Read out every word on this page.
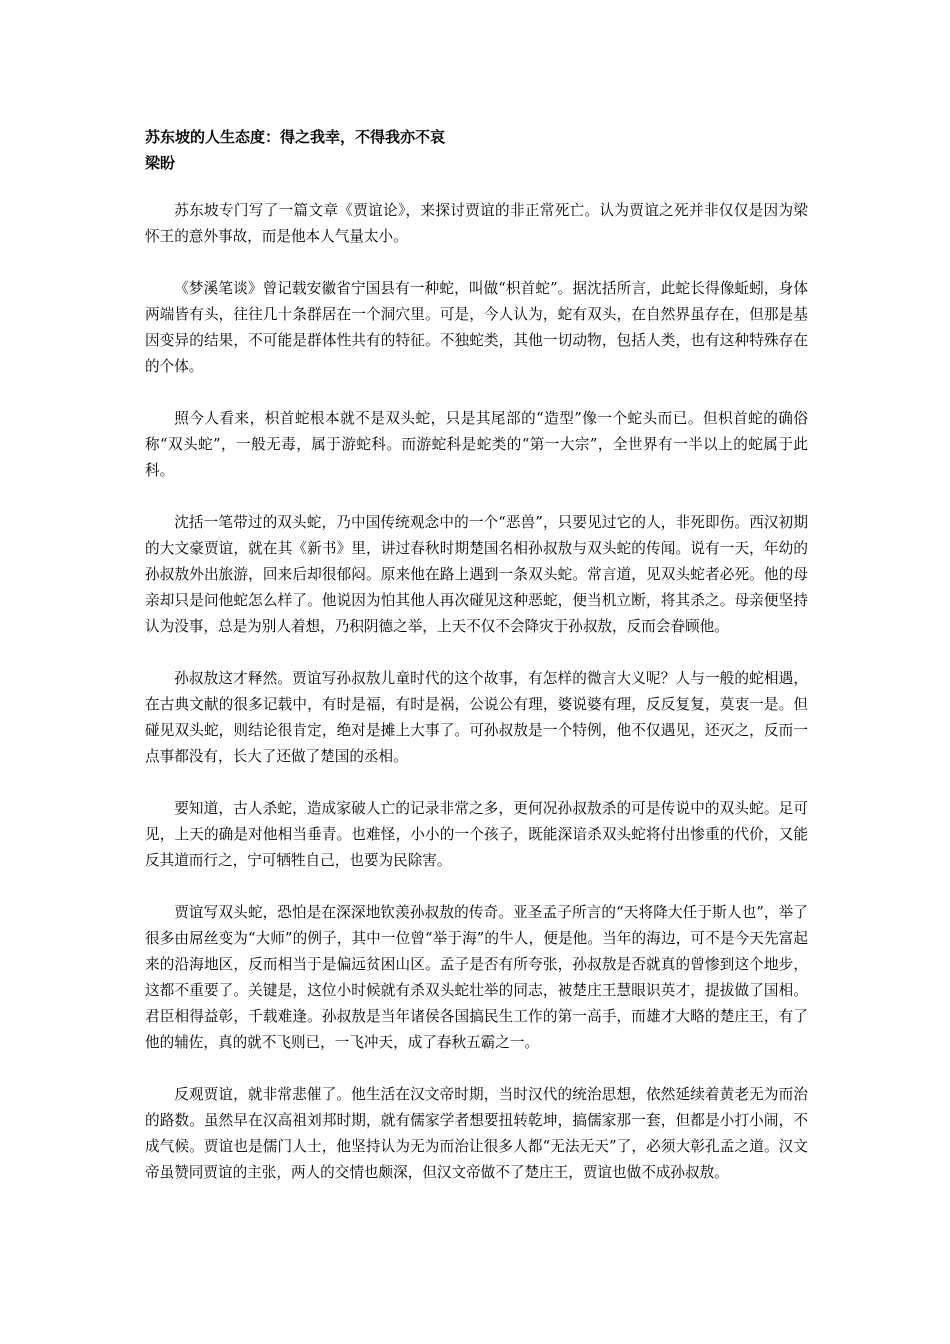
苏东坡的人生态度：得之我幸，不得我亦不哀
梁盼

苏东坡专门写了一篇文章《贾谊论》，来探讨贾谊的非正常死亡。认为贾谊之死并非仅仅是因为梁怀王的意外事故，而是他本人气量太小。

《梦溪笔谈》曾记载安徽省宁国县有一种蛇，叫做“枳首蛇”。据沈括所言，此蛇长得像蚯蚓，身体两端皆有头，往往几十条群居在一个洞穴里。可是，今人认为，蛇有双头，在自然界虽存在，但那是基因变异的结果，不可能是群体性共有的特征。不独蛇类，其他一切动物，包括人类，也有这种特殊存在的个体。

照今人看来，枳首蛇根本就不是双头蛇，只是其尾部的“造型”像一个蛇头而已。但枳首蛇的确俗称“双头蛇”，一般无毒，属于游蛇科。而游蛇科是蛇类的“第一大宗”，全世界有一半以上的蛇属于此科。

沈括一笔带过的双头蛇，乃中国传统观念中的一个“恶兽”，只要见过它的人，非死即伤。西汉初期的大文豪贾谊，就在其《新书》里，讲过春秋时期楚国名相孙叔敖与双头蛇的传闻。说有一天，年幼的孙叔敖外出旅游，回来后却很郁闷。原来他在路上遇到一条双头蛇。常言道，见双头蛇者必死。他的母亲却只是问他蛇怎么样了。他说因为怕其他人再次碰见这种恶蛇，便当机立断，将其杀之。母亲便坚持认为没事，总是为别人着想，乃积阴德之举，上天不仅不会降灾于孙叔敖，反而会眷顾他。

孙叔敖这才释然。贾谊写孙叔敖儿童时代的这个故事，有怎样的微言大义呢？人与一般的蛇相遇，在古典文献的很多记载中，有时是福，有时是祸，公说公有理，婆说婆有理，反反复复，莫衷一是。但碰见双头蛇，则结论很肯定，绝对是摊上大事了。可孙叔敖是一个特例，他不仅遇见，还灭之，反而一点事都没有，长大了还做了楚国的丞相。

要知道，古人杀蛇，造成家破人亡的记录非常之多，更何况孙叔敖杀的可是传说中的双头蛇。足可见，上天的确是对他相当垂青。也难怪，小小的一个孩子，既能深谙杀双头蛇将付出惨重的代价，又能反其道而行之，宁可牺牲自己，也要为民除害。

贾谊写双头蛇，恐怕是在深深地钦羡孙叔敖的传奇。亚圣孟子所言的“天将降大任于斯人也”，举了很多由屌丝变为“大师”的例子，其中一位曾“举于海”的牛人，便是他。当年的海边，可不是今天先富起来的沿海地区，反而相当于是偏远贫困山区。孟子是否有所夸张，孙叔敖是否就真的曾惨到这个地步，这都不重要了。关键是，这位小时候就有杀双头蛇壮举的同志，被楚庄王慧眼识英才，提拔做了国相。君臣相得益彰，千载难逢。孙叔敖是当年诸侯各国搞民生工作的第一高手，而雄才大略的楚庄王，有了他的辅佐，真的就不飞则已，一飞冲天，成了春秋五霸之一。

反观贾谊，就非常悲催了。他生活在汉文帝时期，当时汉代的统治思想，依然延续着黄老无为而治的路数。虽然早在汉高祖刘邦时期，就有儒家学者想要扭转乾坤，搞儒家那一套，但都是小打小闹，不成气候。贾谊也是儒门人士，他坚持认为无为而治让很多人都“无法无天”了，必须大彰孔孟之道。汉文帝虽赞同贾谊的主张，两人的交情也颇深，但汉文帝做不了楚庄王，贾谊也做不成孙叔敖。
